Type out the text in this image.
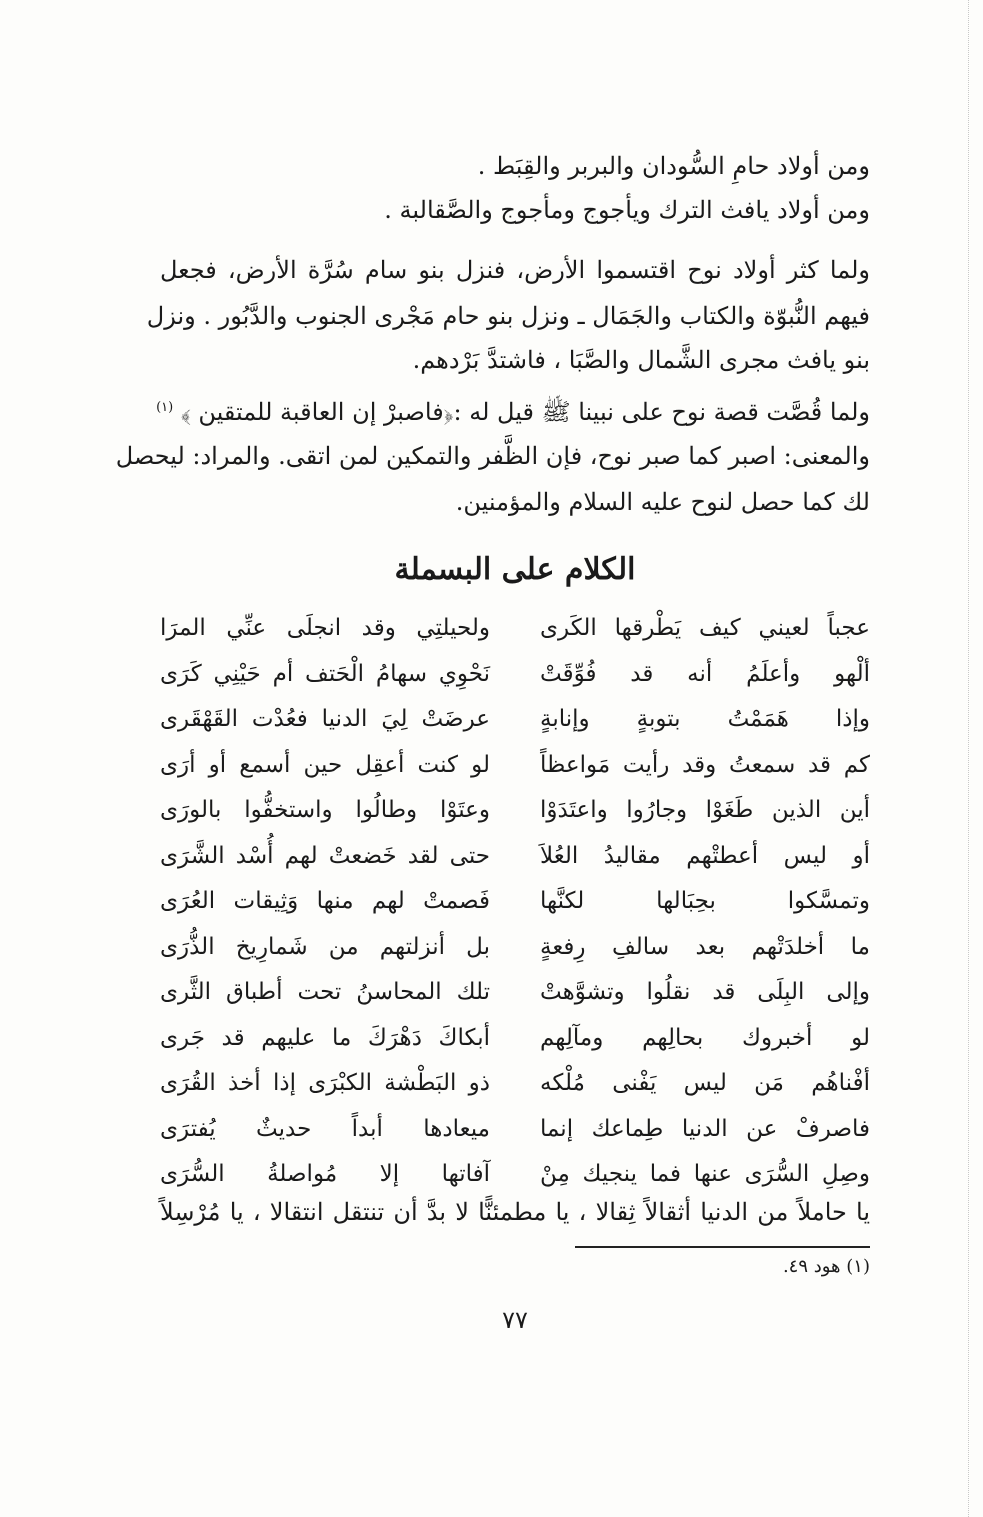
ومن أولاد حامِ السُّودان والبربر والقِبَط .
ومن أولاد يافث الترك ويأجوج ومأجوج والصَّقالبة .
ولما كثر أولاد نوح اقتسموا الأرض، فنزل بنو سام سُرَّة الأرض، فجعل
فيهم النُّبوّة والكتاب والجَمَال ـ ونزل بنو حام مَجْرى الجنوب والدَّبُور . ونزل
بنو يافث مجرى الشَّمال والصَّبَا ، فاشتدَّ بَرْدهم.
ولما قُصَّت قصة نوح على نبينا ﷺ قيل له :﴿فاصبرْ إن العاقبة للمتقين ﴾ $^{(١)}$
والمعنى: اصبر كما صبر نوح، فإن الظَّفر والتمكين لمن اتقى. والمراد: ليحصل
لك كما حصل لنوح عليه السلام والمؤمنين.
الكلام على البسملة
عجباً لعيني كيف يَطْرقها الكَرى
ولحيلتِي وقد انجلَى عنِّي المرَا
ألْهو وأعلَمُ أنه قد فُوِّقَتْ
نَحْوِي سهامُ الْحَتف أم حَيْنِي كَرَى
وإذا هَمَمْتُ بتوبةٍ وإنابةٍ
عرضَتْ لِيَ الدنيا فعُدْت القَهْقَرى
كم قد سمعتُ وقد رأيت مَواعظاً
لو كنت أعقِل حين أسمع أو أرَى
أين الذين طَغَوْا وجارُوا واعتَدَوْا
وعتَوْا وطالُوا واستخفُّوا بالورَى
أو ليس أعطتْهم مقاليدُ العُلاَ
حتى لقد خَضعتْ لهم أُسْد الشَّرَى
وتمسَّكوا بحِبَالها لكنَّها
فَصمتْ لهم منها وَثِيقات العُرَى
ما أخلدَتْهم بعد سالفِ رِفعةٍ
بل أنزلتهم من شَمارِيخ الذُّرَى
وإلى البِلَى قد نقلُوا وتشوَّهتْ
تلك المحاسنُ تحت أطباق الثَّرى
لو أخبروك بحالِهم ومآلِهم
أبكاكَ دَهْرَكَ ما عليهم قد جَرى
أفْناهُم مَن ليس يَفْنى مُلْكه
ذو البَطْشة الكبْرَى إذا أخذ القُرَى
فاصرفْ عن الدنيا طِماعك إنما
ميعادها أبداً حديثٌ يُفترَى
وصِلِ السُّرَى عنها فما ينجيك مِنْ
آفاتها إلا مُواصلةُ السُّرَى
يا حاملاً من الدنيا أثقالاً ثِقالا ، يا مطمئنًّا لا بدَّ أن تنتقل انتقالا ، يا مُرْسِلاً
(١) هود ٤٩.
٧٧
